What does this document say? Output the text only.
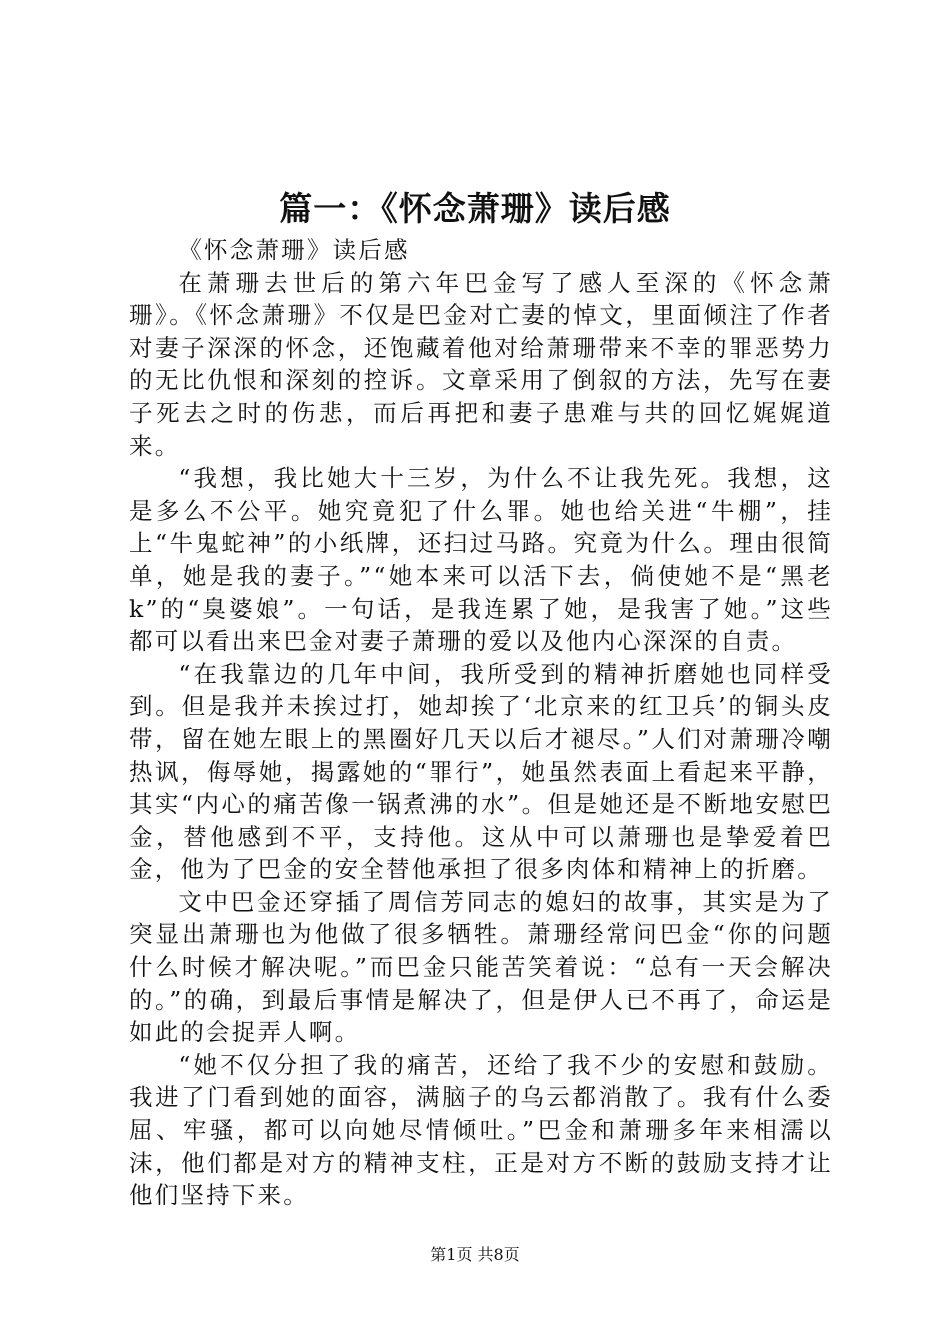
篇一：《怀念萧珊》读后感

《怀念萧珊》读后感

在萧珊去世后的第六年巴金写了感人至深的《怀念萧珊》。《怀念萧珊》不仅是巴金对亡妻的悼文，里面倾注了作者对妻子深深的怀念，还饱藏着他对给萧珊带来不幸的罪恶势力的无比仇恨和深刻的控诉。文章采用了倒叙的方法，先写在妻子死去之时的伤悲，而后再把和妻子患难与共的回忆娓娓道来。

“我想，我比她大十三岁，为什么不让我先死。我想，这是多么不公平。她究竟犯了什么罪。她也给关进“牛棚”，挂上“牛鬼蛇神”的小纸牌，还扫过马路。究竟为什么。理由很简单，她是我的妻子。”“她本来可以活下去，倘使她不是“黑老k”的“臭婆娘”。一句话，是我连累了她，是我害了她。”这些都可以看出来巴金对妻子萧珊的爱以及他内心深深的自责。

“在我靠边的几年中间，我所受到的精神折磨她也同样受到。但是我并未挨过打，她却挨了‘北京来的红卫兵’的铜头皮带，留在她左眼上的黑圈好几天以后才褪尽。”人们对萧珊冷嘲热讽，侮辱她，揭露她的“罪行”，她虽然表面上看起来平静，其实“内心的痛苦像一锅煮沸的水”。但是她还是不断地安慰巴金，替他感到不平，支持他。这从中可以萧珊也是挚爱着巴金，他为了巴金的安全替他承担了很多肉体和精神上的折磨。

文中巴金还穿插了周信芳同志的媳妇的故事，其实是为了突显出萧珊也为他做了很多牺牲。萧珊经常问巴金“你的问题什么时候才解决呢。”而巴金只能苦笑着说：“总有一天会解决的。”的确，到最后事情是解决了，但是伊人已不再了，命运是如此的会捉弄人啊。

“她不仅分担了我的痛苦，还给了我不少的安慰和鼓励。我进了门看到她的面容，满脑子的乌云都消散了。我有什么委屈、牢骚，都可以向她尽情倾吐。”巴金和萧珊多年来相濡以沫，他们都是对方的精神支柱，正是对方不断的鼓励支持才让他们坚持下来。

第1页 共8页
